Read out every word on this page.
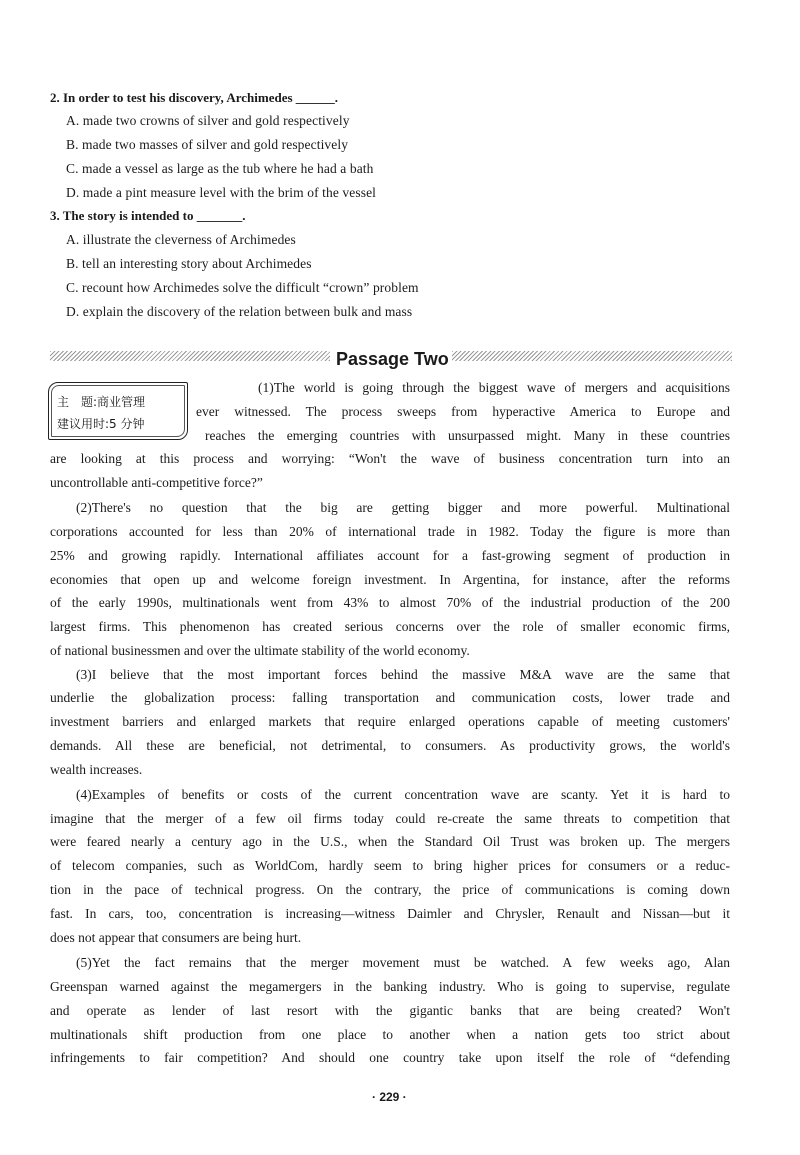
2. In order to test his discovery, Archimedes ______.
A. made two crowns of silver and gold respectively
B. made two masses of silver and gold respectively
C. made a vessel as large as the tub where he had a bath
D. made a pint measure level with the brim of the vessel
3. The story is intended to _______.
A. illustrate the cleverness of Archimedes
B. tell an interesting story about Archimedes
C. recount how Archimedes solve the difficult “crown” problem
D. explain the discovery of the relation between bulk and mass
Passage Two
主　题:商业管理
建议用时:5 分钟
(1)The world is going through the biggest wave of mergers and acquisitions
ever witnessed. The process sweeps from hyperactive America to Europe and
reaches the emerging countries with unsurpassed might. Many in these countries
are looking at this process and worrying: “Won't the wave of business concentration turn into an
uncontrollable anti-competitive force?”
(2)There's no question that the big are getting bigger and more powerful. Multinational
corporations accounted for less than 20% of international trade in 1982. Today the figure is more than
25% and growing rapidly. International affiliates account for a fast-growing segment of production in
economies that open up and welcome foreign investment. In Argentina, for instance, after the reforms
of the early 1990s, multinationals went from 43% to almost 70% of the industrial production of the 200
largest firms. This phenomenon has created serious concerns over the role of smaller economic firms,
of national businessmen and over the ultimate stability of the world economy.
(3)I believe that the most important forces behind the massive M&A wave are the same that
underlie the globalization process: falling transportation and communication costs, lower trade and
investment barriers and enlarged markets that require enlarged operations capable of meeting customers'
demands. All these are beneficial, not detrimental, to consumers. As productivity grows, the world's
wealth increases.
(4)Examples of benefits or costs of the current concentration wave are scanty. Yet it is hard to
imagine that the merger of a few oil firms today could re-create the same threats to competition that
were feared nearly a century ago in the U.S., when the Standard Oil Trust was broken up. The mergers
of telecom companies, such as WorldCom, hardly seem to bring higher prices for consumers or a reduc-
tion in the pace of technical progress. On the contrary, the price of communications is coming down
fast. In cars, too, concentration is increasing—witness Daimler and Chrysler, Renault and Nissan—but it
does not appear that consumers are being hurt.
(5)Yet the fact remains that the merger movement must be watched. A few weeks ago, Alan
Greenspan warned against the megamergers in the banking industry. Who is going to supervise, regulate
and operate as lender of last resort with the gigantic banks that are being created? Won't
multinationals shift production from one place to another when a nation gets too strict about
infringements to fair competition? And should one country take upon itself the role of “defending
· 229 ·
